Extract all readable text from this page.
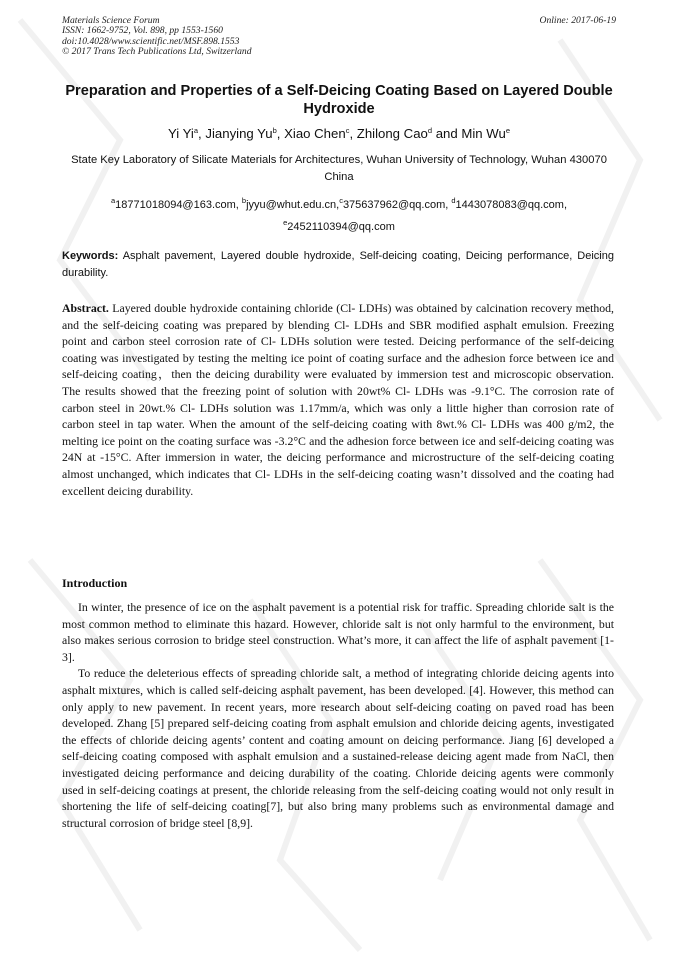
Materials Science Forum
ISSN: 1662-9752, Vol. 898, pp 1553-1560
doi:10.4028/www.scientific.net/MSF.898.1553
© 2017 Trans Tech Publications Ltd, Switzerland
Online: 2017-06-19
Preparation and Properties of a Self-Deicing Coating Based on Layered Double Hydroxide
Yi Yi$^a$, Jianying Yu$^b$, Xiao Chen$^c$, Zhilong Cao$^d$ and Min Wu$^e$
State Key Laboratory of Silicate Materials for Architectures, Wuhan University of Technology, Wuhan 430070 China
$^a$18771018094@163.com, $^b$jyyu@whut.edu.cn,$^c$375637962@qq.com, $^d$1443078083@qq.com,
$^e$2452110394@qq.com
Keywords: Asphalt pavement, Layered double hydroxide, Self-deicing coating, Deicing performance, Deicing durability.
Abstract. Layered double hydroxide containing chloride (Cl- LDHs) was obtained by calcination recovery method, and the self-deicing coating was prepared by blending Cl- LDHs and SBR modified asphalt emulsion. Freezing point and carbon steel corrosion rate of Cl- LDHs solution were tested. Deicing performance of the self-deicing coating was investigated by testing the melting ice point of coating surface and the adhesion force between ice and self-deicing coating，then the deicing durability were evaluated by immersion test and microscopic observation. The results showed that the freezing point of solution with 20wt% Cl- LDHs was -9.1°C. The corrosion rate of carbon steel in 20wt.% Cl- LDHs solution was 1.17mm/a, which was only a little higher than corrosion rate of carbon steel in tap water. When the amount of the self-deicing coating with 8wt.% Cl- LDHs was 400 g/m2, the melting ice point on the coating surface was -3.2°C and the adhesion force between ice and self-deicing coating was 24N at -15°C. After immersion in water, the deicing performance and microstructure of the self-deicing coating almost unchanged, which indicates that Cl- LDHs in the self-deicing coating wasn’t dissolved and the coating had excellent deicing durability.
Introduction

In winter, the presence of ice on the asphalt pavement is a potential risk for traffic. Spreading chloride salt is the most common method to eliminate this hazard. However, chloride salt is not only harmful to the environment, but also makes serious corrosion to bridge steel construction. What’s more, it can affect the life of asphalt pavement [1-3].

To reduce the deleterious effects of spreading chloride salt, a method of integrating chloride deicing agents into asphalt mixtures, which is called self-deicing asphalt pavement, has been developed. [4]. However, this method can only apply to new pavement. In recent years, more research about self-deicing coating on paved road has been developed. Zhang [5] prepared self-deicing coating from asphalt emulsion and chloride deicing agents, investigated the effects of chloride deicing agents’ content and coating amount on deicing performance. Jiang [6] developed a self-deicing coating composed with asphalt emulsion and a sustained-release deicing agent made from NaCl, then investigated deicing performance and deicing durability of the coating. Chloride deicing agents were commonly used in self-deicing coatings at present, the chloride releasing from the self-deicing coating would not only result in shortening the life of self-deicing coating[7], but also bring many problems such as environmental damage and structural corrosion of bridge steel [8,9].
